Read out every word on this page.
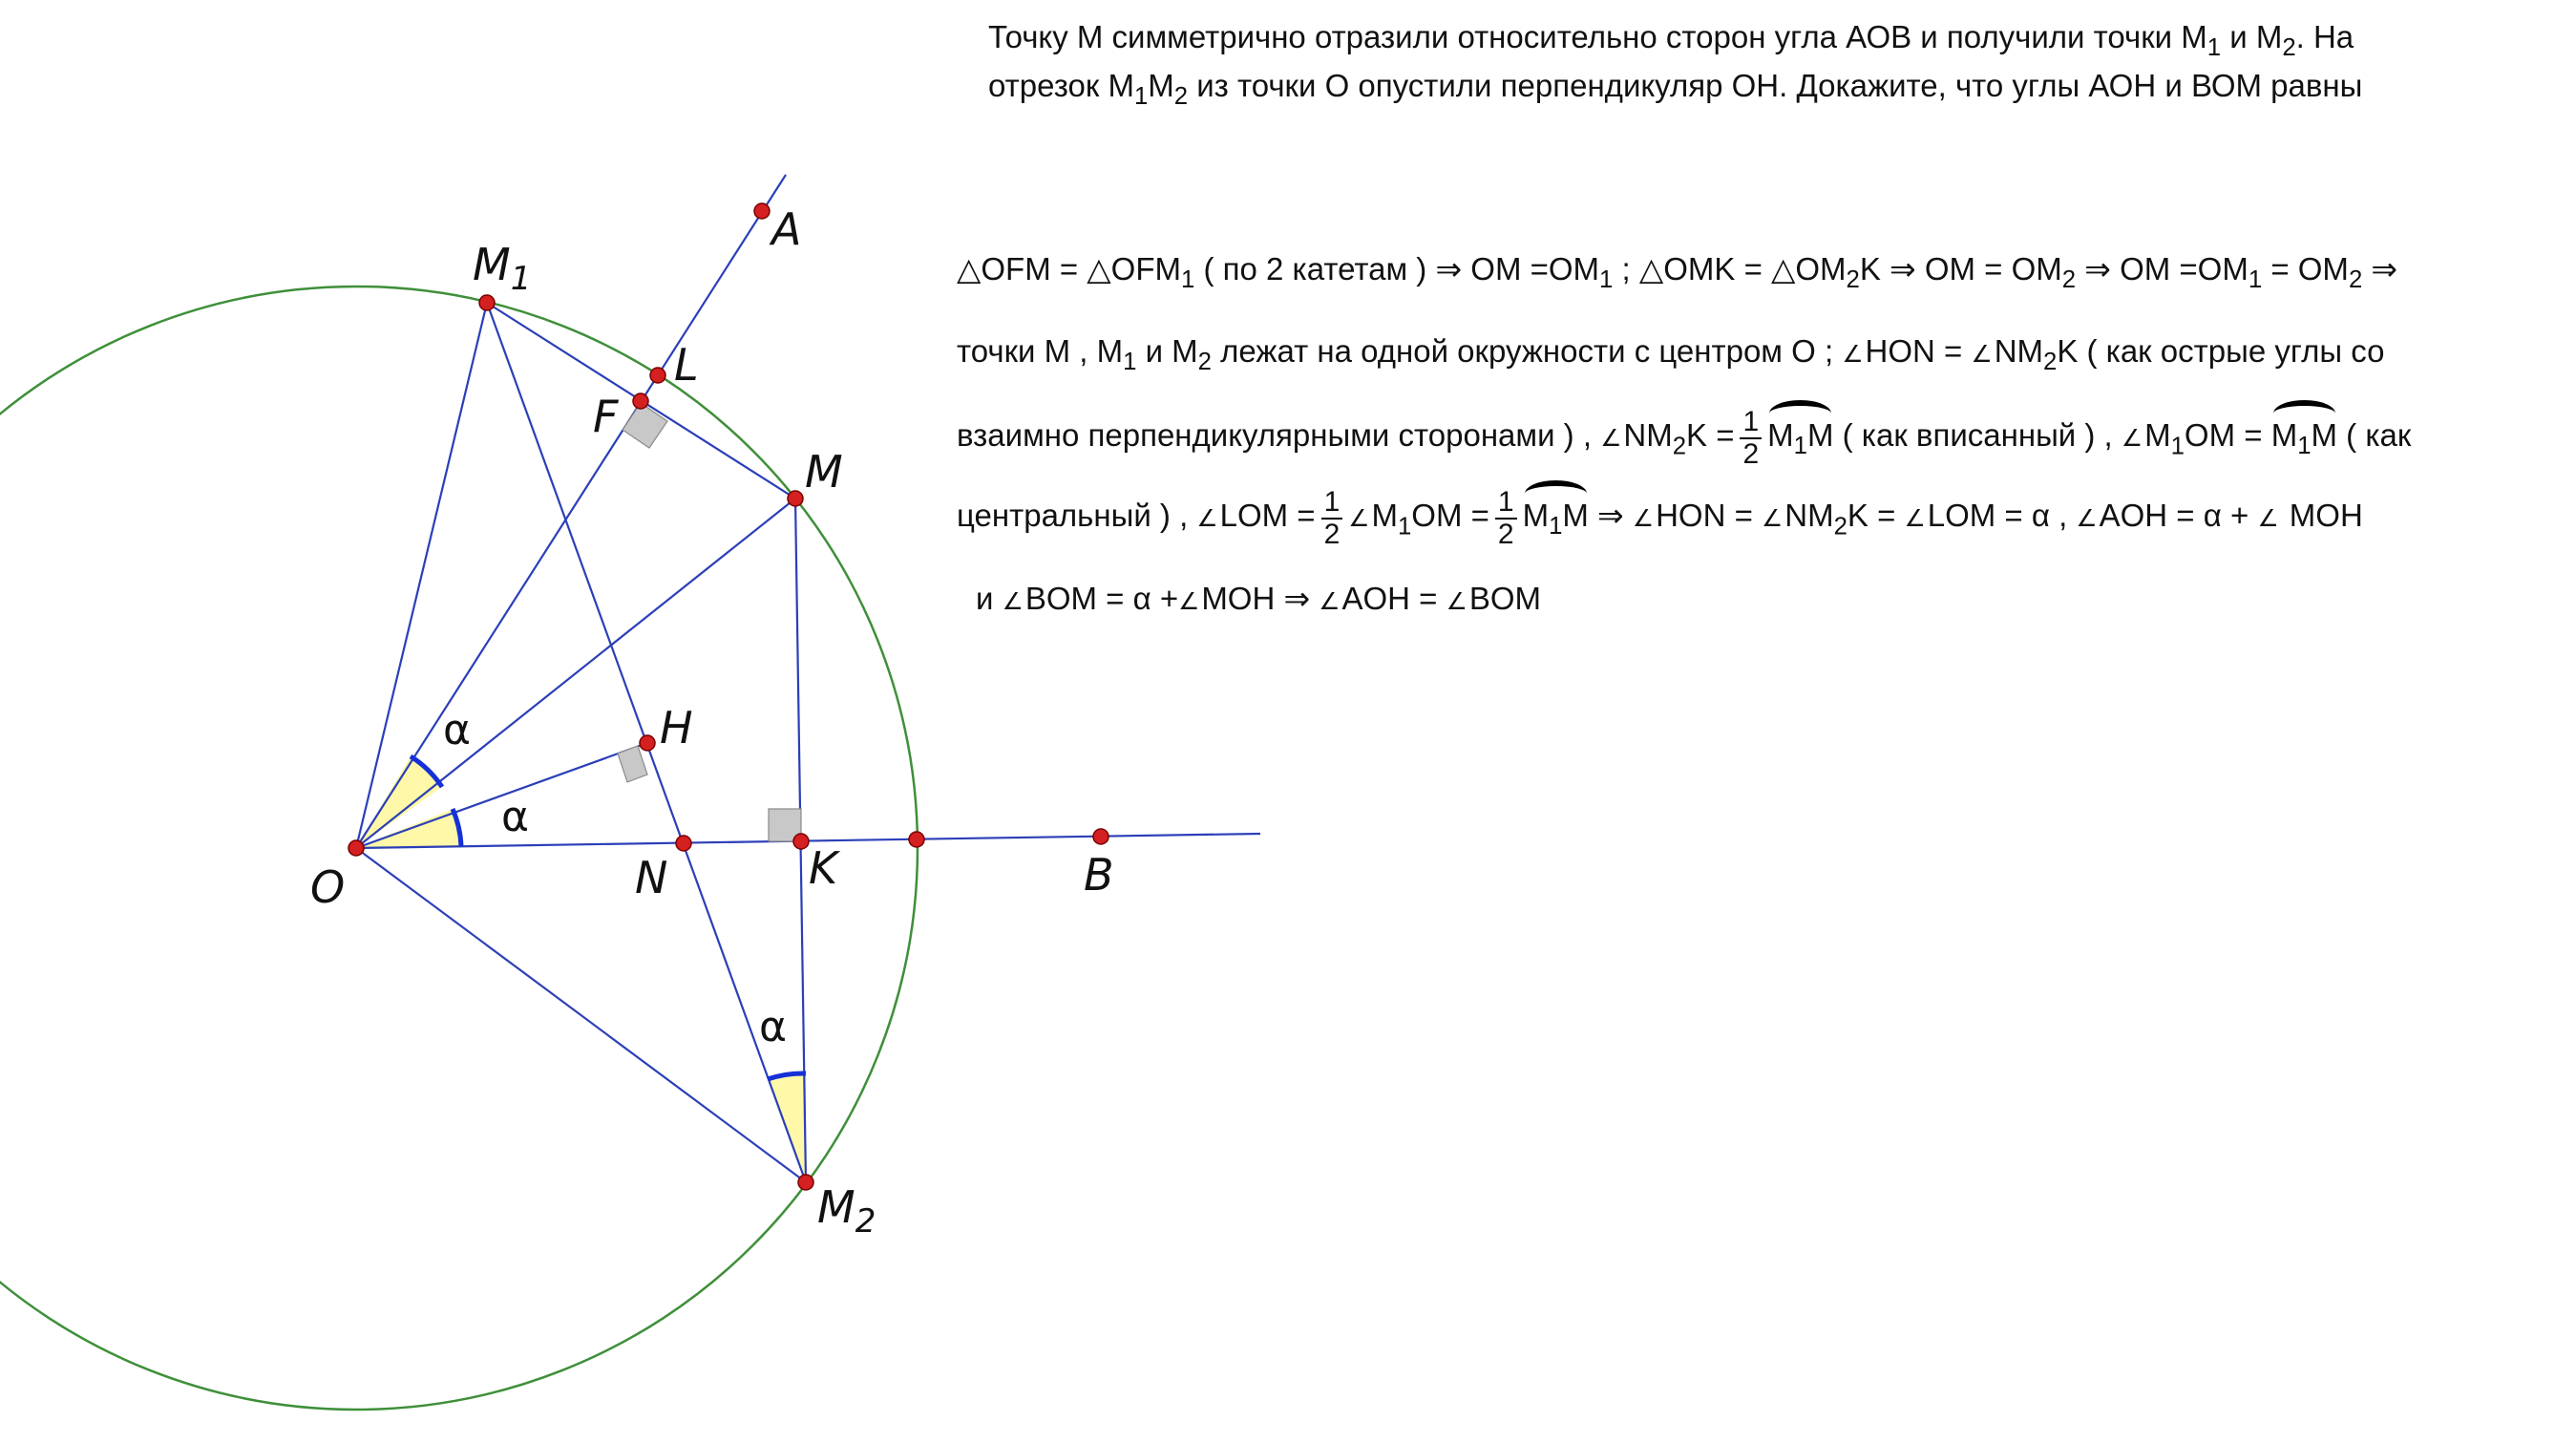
A
L
F
M
$M_1$
H
O	N	K	B
$M_2$
α
α
α
Точку М симметрично отразили относительно сторон угла АОВ и получили точки $М_1$ и $М_2$. На
отрезок $М_1М_2$ из точки О опустили перпендикуляр ОН. Докажите, что углы АОН и ВОМ равны
△OFM = $\triangle OFM_1$ ( по 2 катетам ) ⇒ OM $=OM_1$ ; △OMK = $\triangle OM_2K$ ⇒ OM = $OM_2$ ⇒ OM $=OM_1 = OM_2$ ⇒
точки M , $M_1$ и $M_2$ лежат на одной окружности с центром O ; ∠HON = $\angle NM_2K$ ( как острые углы со
взаимно перпендикулярными сторонами ) , $\angle NM_2K = \frac{1}{2} M_1M$ ( как вписанный ) , $\angle M_1OM = M_1M$ ( как
центральный ) , ∠LOM = $\frac{1}{2}$ $\angle M_1OM = \frac{1}{2} M_1M$ ⇒ ∠HON = $\angle NM_2K$ = ∠LOM = α , ∠AOH = α + ∠ MOH
и ∠BOM = α +∠MOH ⇒ ∠AOH = ∠BOM
